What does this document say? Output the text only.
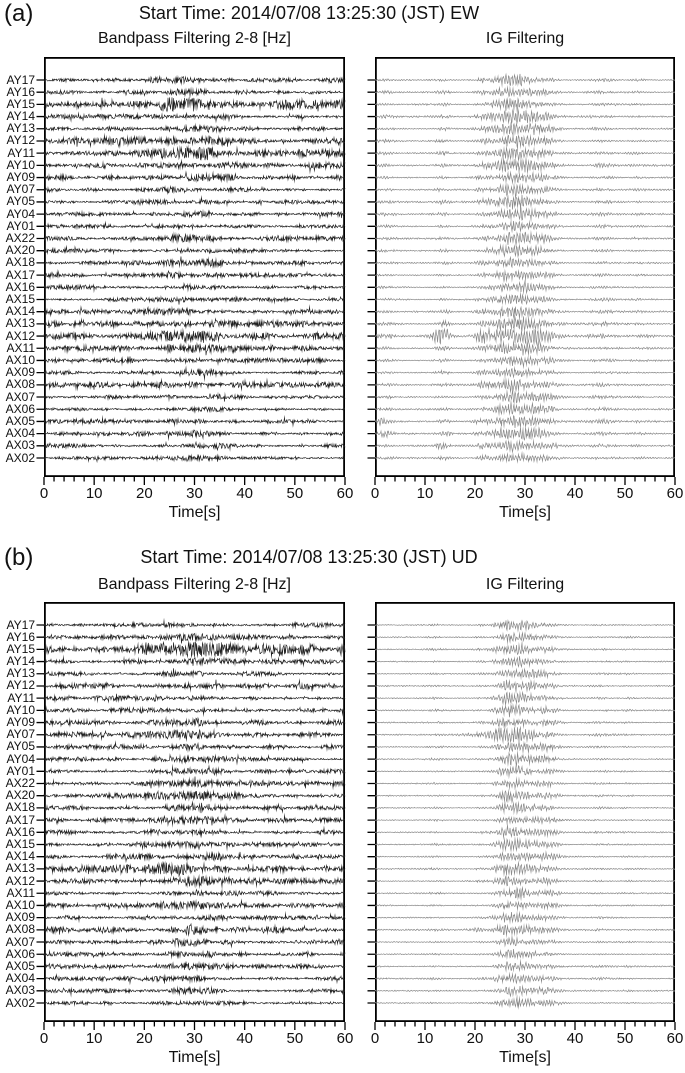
(a)	Start Time: 2014/07/08 13:25:30 (JST) EW
Bandpass Filtering 2-8 [Hz]	IG Filtering
(b)	Start Time: 2014/07/08 13:25:30 (JST) UD
Bandpass Filtering 2-8 [Hz]	IG Filtering
Time[s]	Time[s]
Time[s]	Time[s]
0	10	20	30	40	50	60
AY17
AY16
AY15
AY14
AY13
AY12
AY11
AY10
AY09
AY07
AY05
AY04
AY01
AX22
AX20
AX18
AX17
AX16
AX15
AX14
AX13
AX12
AX11
AX10
AX09
AX08
AX07
AX06
AX05
AX04
AX03
AX02
0	10	20	30	40	50	60
0	10	20	30	40	50	60
AY17
AY16
AY15
AY14
AY13
AY12
AY11
AY10
AY09
AY07
AY05
AY04
AY01
AX22
AX20
AX18
AX17
AX16
AX15
AX14
AX13
AX12
AX11
AX10
AX09
AX08
AX07
AX06
AX05
AX04
AX03
AX02
0	10	20	30	40	50	60
